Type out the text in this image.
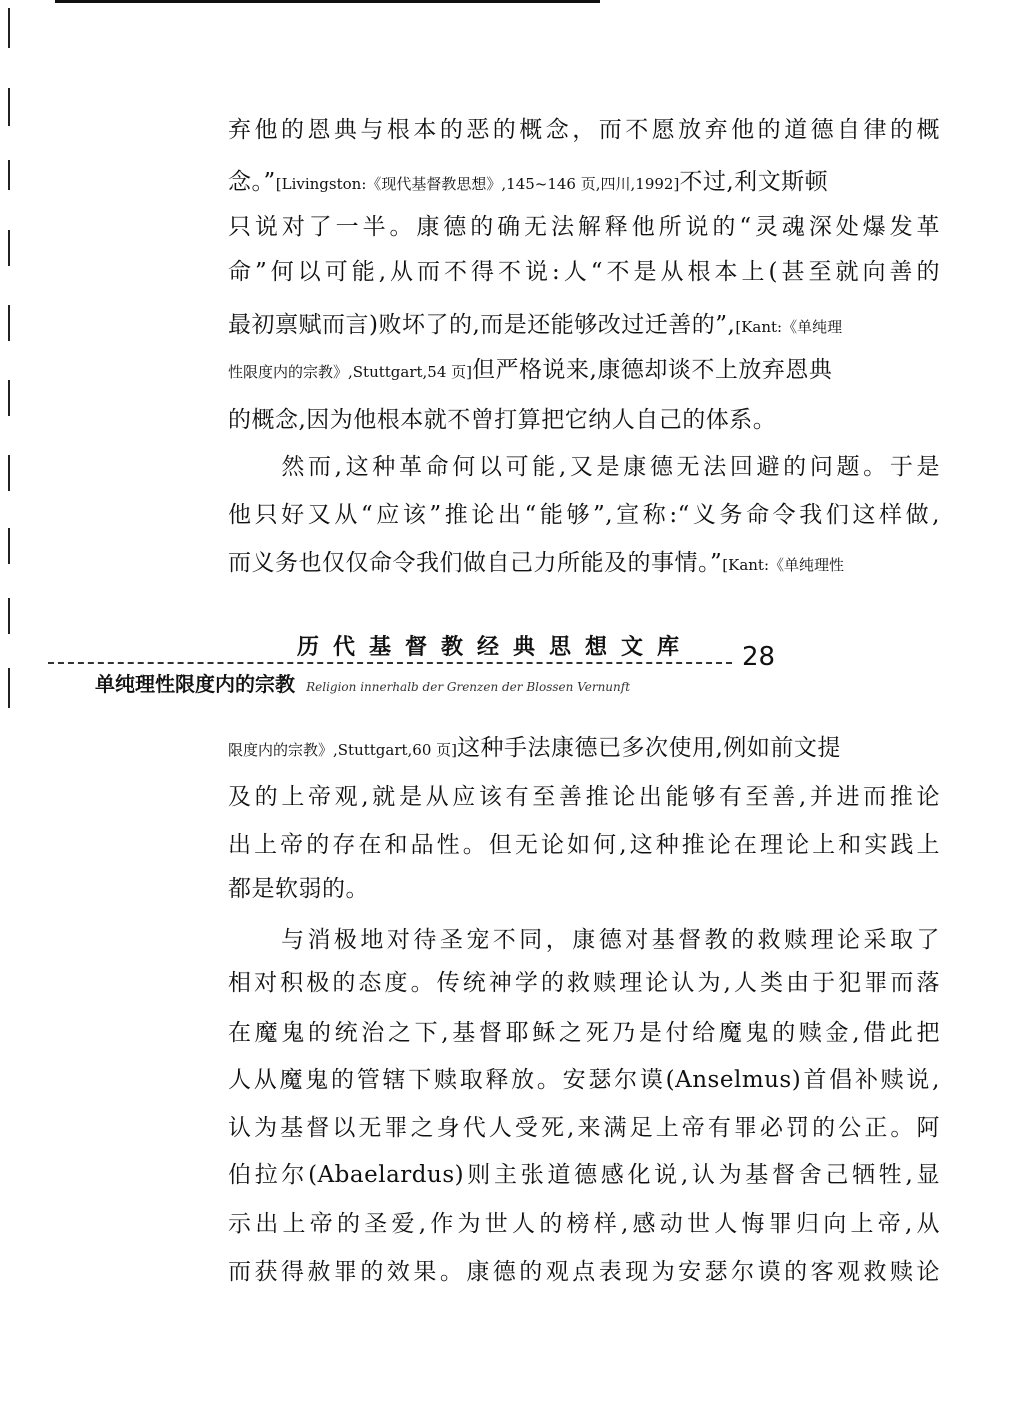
弃他的恩典与根本的恶的概念，而不愿放弃他的道德自律的概
念。”[Livingston:《现代基督教思想》,145~146 页,四川,1992]不过,利文斯顿
只说对了一半。康德的确无法解释他所说的“灵魂深处爆发革
命”何以可能,从而不得不说:人“不是从根本上(甚至就向善的
最初禀赋而言)败坏了的,而是还能够改过迁善的”,[Kant:《单纯理
性限度内的宗教》,Stuttgart,54 页]但严格说来,康德却谈不上放弃恩典
的概念,因为他根本就不曾打算把它纳人自己的体系。
　　然而,这种革命何以可能,又是康德无法回避的问题。于是
他只好又从“应该”推论出“能够”,宣称:“义务命令我们这样做,
而义务也仅仅命令我们做自己力所能及的事情。”[Kant:《单纯理性
历代基督教经典思想文库	28
单纯理性限度内的宗教 Religion innerhalb der Grenzen der Blossen Vernunft
限度内的宗教》,Stuttgart,60 页]这种手法康德已多次使用,例如前文提
及的上帝观,就是从应该有至善推论出能够有至善,并进而推论
出上帝的存在和品性。但无论如何,这种推论在理论上和实践上
都是软弱的。
　　与消极地对待圣宠不同，康德对基督教的救赎理论采取了
相对积极的态度。传统神学的救赎理论认为,人类由于犯罪而落
在魔鬼的统治之下,基督耶稣之死乃是付给魔鬼的赎金,借此把
人从魔鬼的管辖下赎取释放。安瑟尔谟(Anselmus)首倡补赎说,
认为基督以无罪之身代人受死,来满足上帝有罪必罚的公正。阿
伯拉尔(Abaelardus)则主张道德感化说,认为基督舍己牺牲,显
示出上帝的圣爱,作为世人的榜样,感动世人悔罪归向上帝,从
而获得赦罪的效果。康德的观点表现为安瑟尔谟的客观救赎论
